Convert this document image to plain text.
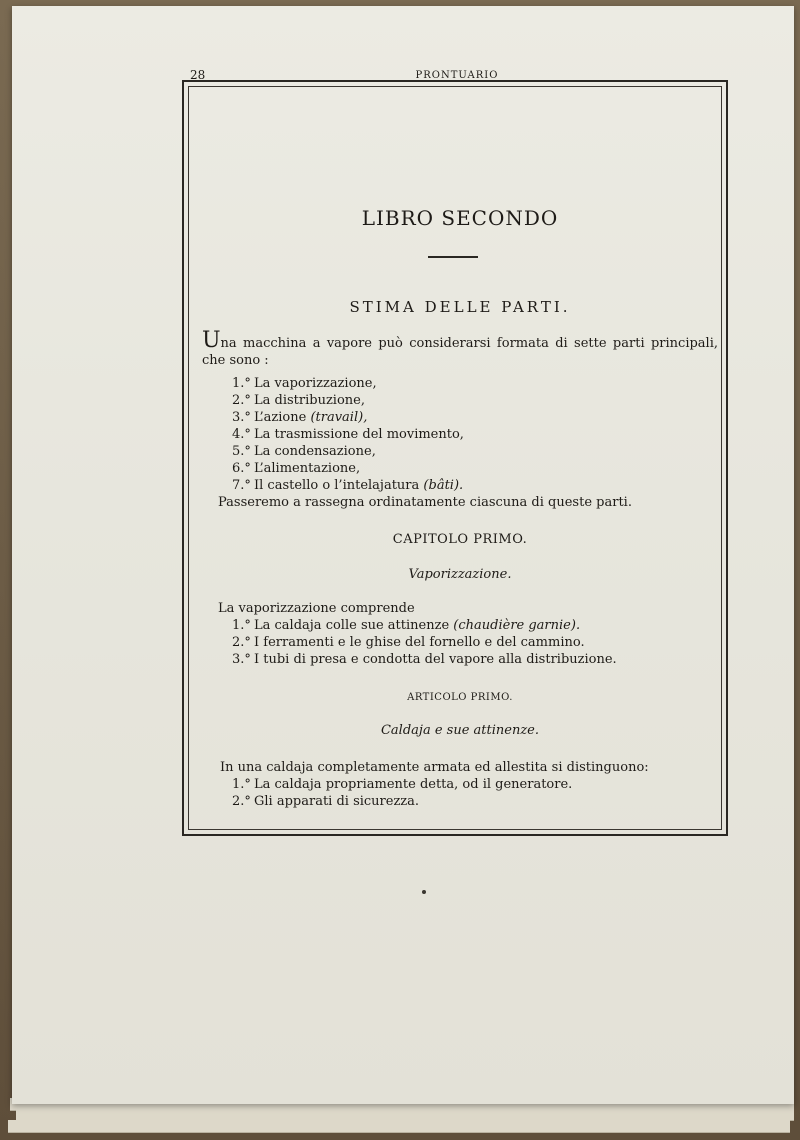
28	PRONTUARIO
LIBRO SECONDO
STIMA DELLE PARTI.
Una macchina a vapore può considerarsi formata di sette parti principali, che sono :
1.° La vaporizzazione,
2.° La distribuzione,
3.° L’azione (travail),
4.° La trasmissione del movimento,
5.° La condensazione,
6.° L’alimentazione,
7.° Il castello o l’intelajatura (bâti).
Passeremo a rassegna ordinatamente ciascuna di queste parti.
CAPITOLO PRIMO.
Vaporizzazione.
La vaporizzazione comprende
1.° La caldaja colle sue attinenze (chaudière garnie).
2.° I ferramenti e le ghise del fornello e del cammino.
3.° I tubi di presa e condotta del vapore alla distribuzione.
ARTICOLO PRIMO.
Caldaja e sue attinenze.
In una caldaja completamente armata ed allestita si distinguono:
1.° La caldaja propriamente detta, od il generatore.
2.° Gli apparati di sicurezza.
